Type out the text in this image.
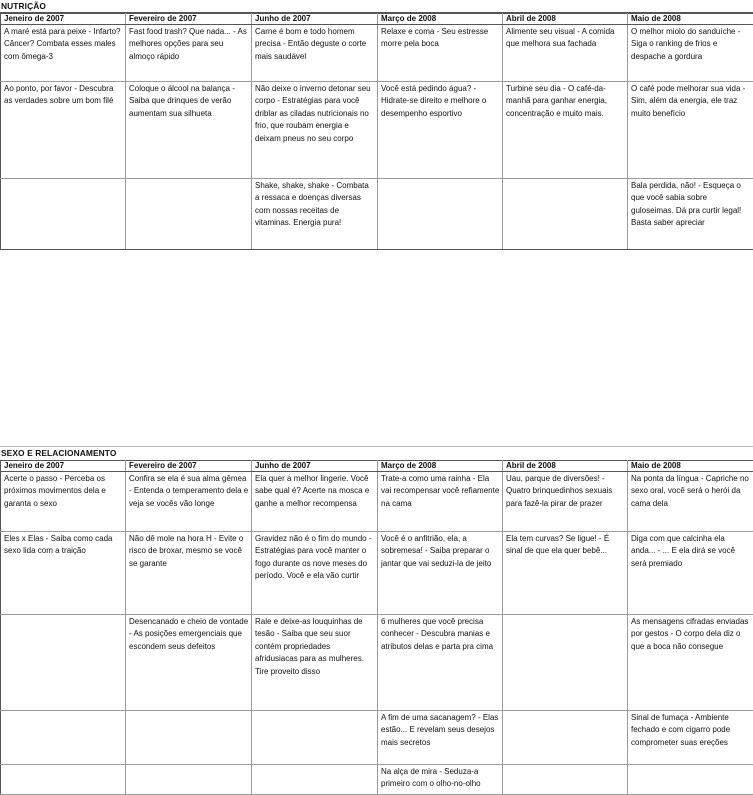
NUTRIÇÃO
Jeneiro de 2007	Fevereiro de 2007	Junho de 2007	Março de 2008	Abril de 2008	Maio de 2008
A maré está para peixe - Infarto? Câncer? Combata esses males com ômega-3	Fast food trash? Que nada... - As melhores opções para seu almoço rápido	Carne é bom e todo homem precisa - Então deguste o corte mais saudável	Relaxe e coma - Seu estresse morre pela boca	Alimente seu visual - A comida que melhora sua fachada	O melhor miolo do sanduíche - Siga o ranking de frios e despache a gordura
Ao ponto, por favor - Descubra as verdades sobre um bom filé	Coloque o álcool na balança - Saiba que drinques de verão aumentam sua silhueta	Não deixe o inverno detonar seu corpo - Estratégias para você driblar as ciladas nutricionais no frio, que roubam energia e deixam pneus no seu corpo	Você está pedindo água? - Hidrate-se direito e melhore o desempenho esportivo	Turbine seu dia - O café-da-manhã para ganhar energia, concentração e muito mais.	O café pode melhorar sua vida - Sim, além da energia, ele traz muito benefício
		Shake, shake, shake - Combata a ressaca e doenças diversas com nossas receitas de vitaminas. Energia pura!			Bala perdida, não! - Esqueça o que você sabia sobre guloseimas. Dá pra curtir legal! Basta saber apreciar
SEXO E RELACIONAMENTO
Jeneiro de 2007	Fevereiro de 2007	Junho de 2007	Março de 2008	Abril de 2008	Maio de 2008
Acerte o passo - Perceba os próximos movimentos dela e garanta o sexo	Confira se ela é sua alma gêmea - Entenda o temperamento dela e veja se vocês vão longe	Ela quer a melhor lingerie. Você sabe qual é? Acerte na mosca e ganhe a melhor recompensa	Trate-a como uma rainha - Ela vai recompensar você refiamente na cama	Uau, parque de diversões! - Quatro brinquedinhos sexuais para fazê-la pirar de prazer	Na ponta da língua - Capriche no sexo oral, você será o herói da cama dela
Eles x Elas - Saiba como cada sexo lida com a traição	Não dê mole na hora H - Evite o risco de broxar, mesmo se você se garante	Gravidez não é o fim do mundo - Estratégias para você manter o fogo durante os nove meses do período. Você e ela vão curtir	Você é o anfitrião, ela, a sobremesa! - Saiba preparar o jantar que vai seduzi-la de jeito	Ela tem curvas? Se ligue! - É sinal de que ela quer bebê...	Diga com que calcinha ela anda... - ... E ela dirá se você será premiado
	Desencanado e cheio de vontade - As posições emergenciais que escondem seus defeitos	Rale e deixe-as louquinhas de tesão - Saiba que seu suor contém propriedades afridusiacas para as mulheres. Tire proveito disso	6 mulheres que você precisa conhecer - Descubra manias e atributos delas e parta pra cima		As mensagens cifradas enviadas por gestos - O corpo dela diz o que a boca não consegue
			A fim de uma sacanagem? - Elas estão... E revelam seus desejos mais secretos		Sinal de fumaça - Ambiente fechado e com cigarro pode comprometer suas ereções
			Na alça de mira - Seduza-a primeiro com o olho-no-olho		
